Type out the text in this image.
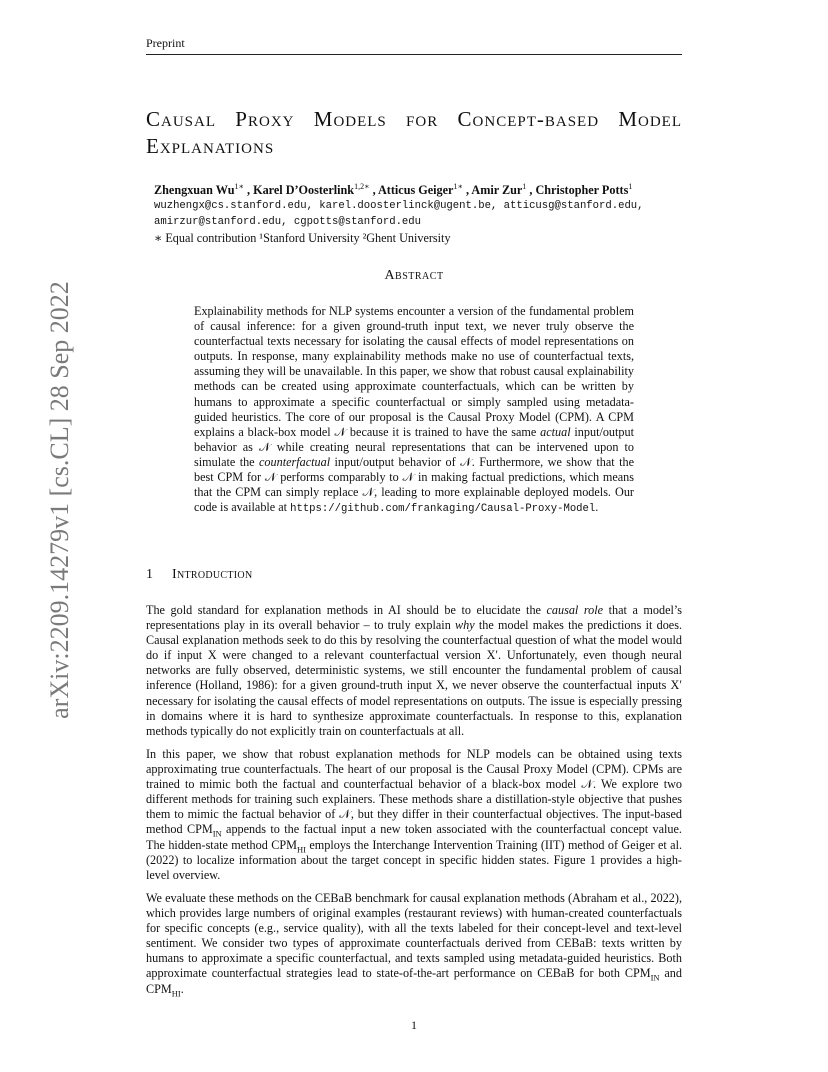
Preprint
arXiv:2209.14279v1 [cs.CL] 28 Sep 2022
Causal Proxy Models for Concept-based Model Explanations
Zhengxuan $Wu^{1∗}$ , Karel D’Oosterlink$^{1,2∗}$ , Atticus Geiger$^{1∗}$ , Amir Zur$^1$ , Christopher Potts$^1$
wuzhengx@cs.stanford.edu, karel.doosterlinck@ugent.be, atticusg@stanford.edu,
amirzur@stanford.edu, cgpotts@stanford.edu
∗ Equal contribution ¹Stanford University ²Ghent University
Abstract

Explainability methods for NLP systems encounter a version of the fundamental problem of causal inference: for a given ground-truth input text, we never truly observe the counterfactual texts necessary for isolating the causal effects of model representations on outputs. In response, many explainability methods make no use of counterfactual texts, assuming they will be unavailable. In this paper, we show that robust causal explainability methods can be created using approximate counterfactuals, which can be written by humans to approximate a specific counterfactual or simply sampled using metadata-guided heuristics. The core of our proposal is the Causal Proxy Model (CPM). A CPM explains a black-box model 𝒩 because it is trained to have the same actual input/output behavior as 𝒩 while creating neural representations that can be intervened upon to simulate the counterfactual input/output behavior of 𝒩. Furthermore, we show that the best CPM for 𝒩 performs comparably to 𝒩 in making factual predictions, which means that the CPM can simply replace 𝒩, leading to more explainable deployed models. Our code is available at https://github.com/frankaging/Causal-Proxy-Model.

1 Introduction

The gold standard for explanation methods in AI should be to elucidate the causal role that a model’s representations play in its overall behavior – to truly explain why the model makes the predictions it does. Causal explanation methods seek to do this by resolving the counterfactual question of what the model would do if input X were changed to a relevant counterfactual version X′. Unfortunately, even though neural networks are fully observed, deterministic systems, we still encounter the fundamental problem of causal inference (Holland, 1986): for a given ground-truth input X, we never observe the counterfactual inputs X′ necessary for isolating the causal effects of model representations on outputs. The issue is especially pressing in domains where it is hard to synthesize approximate counterfactuals. In response to this, explanation methods typically do not explicitly train on counterfactuals at all.

In this paper, we show that robust explanation methods for NLP models can be obtained using texts approximating true counterfactuals. The heart of our proposal is the Causal Proxy Model (CPM). CPMs are trained to mimic both the factual and counterfactual behavior of a black-box model 𝒩. We explore two different methods for training such explainers. These methods share a distillation-style objective that pushes them to mimic the factual behavior of 𝒩, but they differ in their counterfactual objectives. The input-based method $CPM_{IN}$ appends to the factual input a new token associated with the counterfactual concept value. The hidden-state method $CPM_{HI}$ employs the Interchange Intervention Training (IIT) method of Geiger et al. (2022) to localize information about the target concept in specific hidden states. Figure 1 provides a high-level overview.

We evaluate these methods on the CEBaB benchmark for causal explanation methods (Abraham et al., 2022), which provides large numbers of original examples (restaurant reviews) with human-created counterfactuals for specific concepts (e.g., service quality), with all the texts labeled for their concept-level and text-level sentiment. We consider two types of approximate counterfactuals derived from CEBaB: texts written by humans to approximate a specific counterfactual, and texts sampled using metadata-guided heuristics. Both approximate counterfactual strategies lead to state-of-the-art performance on CEBaB for both $CPM_{IN}$ and $CPM_{HI}$.

1
